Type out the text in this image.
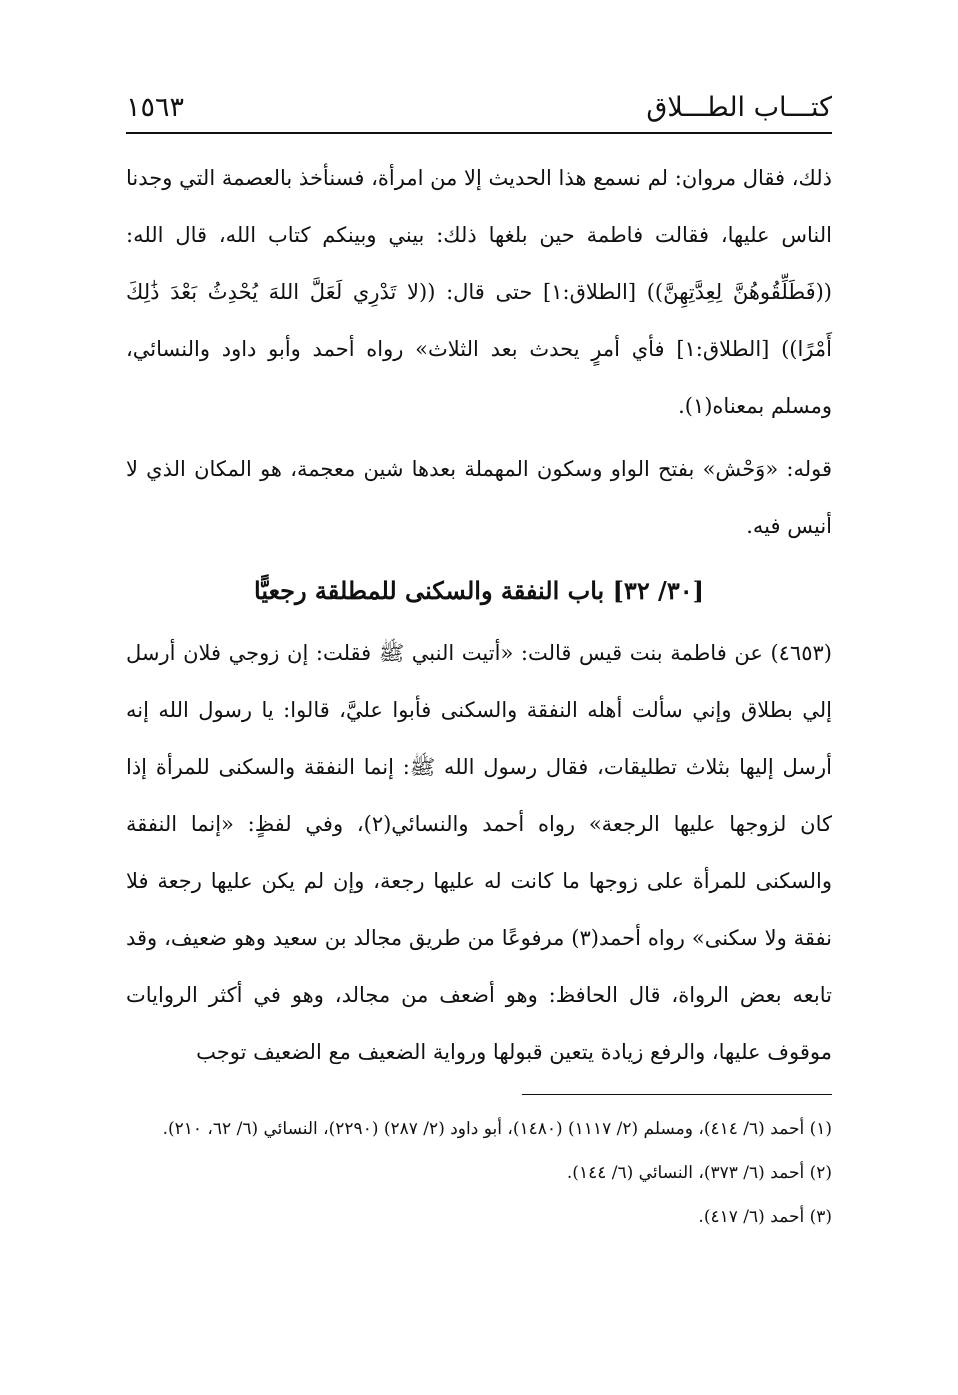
كتـــاب الطـــلاق
١٥٦٣

ذلك، فقال مروان: لم نسمع هذا الحديث إلا من امرأة، فسنأخذ بالعصمة التي وجدنا الناس عليها، فقالت فاطمة حين بلغها ذلك: بيني وبينكم كتاب الله، قال الله: ((فَطَلِّقُوهُنَّ لِعِدَّتِهِنَّ)) [الطلاق:١] حتى قال: ((لا تَدْرِي لَعَلَّ اللهَ يُحْدِثُ بَعْدَ ذَٰلِكَ أَمْرًا)) [الطلاق:١] فأي أمرٍ يحدث بعد الثلاث» رواه أحمد وأبو داود والنسائي، ومسلم بمعناه(١).

قوله: «وَحْش» بفتح الواو وسكون المهملة بعدها شين معجمة، هو المكان الذي لا أنيس فيه.

[٣٠/ ٣٢] باب النفقة والسكنى للمطلقة رجعيًّا

(٤٦٥٣) عن فاطمة بنت قيس قالت: «أتيت النبي ﷺ فقلت: إن زوجي فلان أرسل إلي بطلاق وإني سألت أهله النفقة والسكنى فأبوا عليَّ، قالوا: يا رسول الله إنه أرسل إليها بثلاث تطليقات، فقال رسول الله ﷺ: إنما النفقة والسكنى للمرأة إذا كان لزوجها عليها الرجعة» رواه أحمد والنسائي(٢)، وفي لفظٍ: «إنما النفقة والسكنى للمرأة على زوجها ما كانت له عليها رجعة، وإن لم يكن عليها رجعة فلا نفقة ولا سكنى» رواه أحمد(٣) مرفوعًا من طريق مجالد بن سعيد وهو ضعيف، وقد تابعه بعض الرواة، قال الحافظ: وهو أضعف من مجالد، وهو في أكثر الروايات موقوف عليها، والرفع زيادة يتعين قبولها ورواية الضعيف مع الضعيف توجب

(١) أحمد (٦/ ٤١٤)، ومسلم (٢/ ١١١٧) (١٤٨٠)، أبو داود (٢/ ٢٨٧) (٢٢٩٠)، النسائي (٦/ ٦٢، ٢١٠).

(٢) أحمد (٦/ ٣٧٣)، النسائي (٦/ ١٤٤).

(٣) أحمد (٦/ ٤١٧).
